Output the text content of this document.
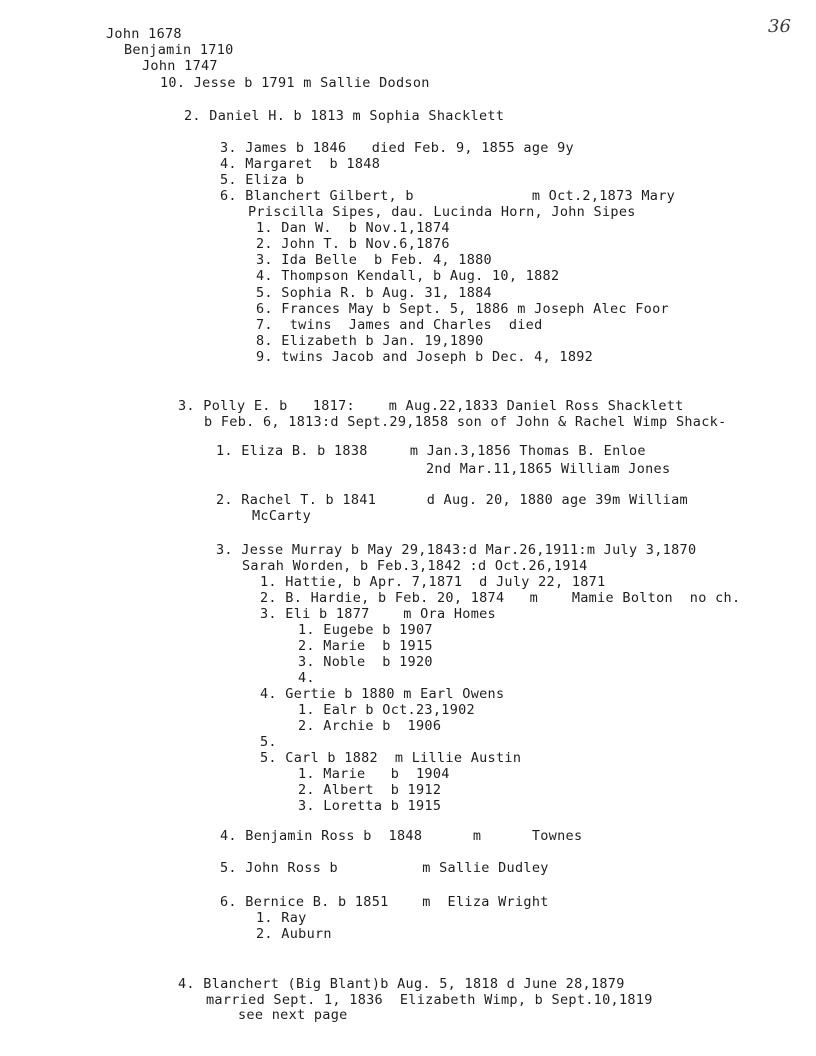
36
John 1678
Benjamin 1710
John 1747
10. Jesse b 1791 m Sallie Dodson
2. Daniel H. b 1813 m Sophia Shacklett
3. James b 1846   died Feb. 9, 1855 age 9y
4. Margaret  b 1848
5. Eliza b
6. Blanchert Gilbert, b              m Oct.2,1873 Mary
Priscilla Sipes, dau. Lucinda Horn, John Sipes
1. Dan W.  b Nov.1,1874
2. John T. b Nov.6,1876
3. Ida Belle  b Feb. 4, 1880
4. Thompson Kendall, b Aug. 10, 1882
5. Sophia R. b Aug. 31, 1884
6. Frances May b Sept. 5, 1886 m Joseph Alec Foor
7.  twins  James and Charles  died
8. Elizabeth b Jan. 19,1890
9. twins Jacob and Joseph b Dec. 4, 1892
3. Polly E. b   1817:    m Aug.22,1833 Daniel Ross Shacklett
b Feb. 6, 1813:d Sept.29,1858 son of John & Rachel Wimp Shack-
1. Eliza B. b 1838     m Jan.3,1856 Thomas B. Enloe
2nd Mar.11,1865 William Jones
2. Rachel T. b 1841      d Aug. 20, 1880 age 39m William
McCarty
3. Jesse Murray b May 29,1843:d Mar.26,1911:m July 3,1870
Sarah Worden, b Feb.3,1842 :d Oct.26,1914
1. Hattie, b Apr. 7,1871  d July 22, 1871
2. B. Hardie, b Feb. 20, 1874   m    Mamie Bolton  no ch.
3. Eli b 1877    m Ora Homes
1. Eugebe b 1907
2. Marie  b 1915
3. Noble  b 1920
4.
4. Gertie b 1880 m Earl Owens
1. Ealr b Oct.23,1902
2. Archie b  1906
5.
5. Carl b 1882  m Lillie Austin
1. Marie   b  1904
2. Albert  b 1912
3. Loretta b 1915
4. Benjamin Ross b  1848      m      Townes
5. John Ross b          m Sallie Dudley
6. Bernice B. b 1851    m  Eliza Wright
1. Ray
2. Auburn
4. Blanchert (Big Blant)b Aug. 5, 1818 d June 28,1879
married Sept. 1, 1836  Elizabeth Wimp, b Sept.10,1819
see next page
